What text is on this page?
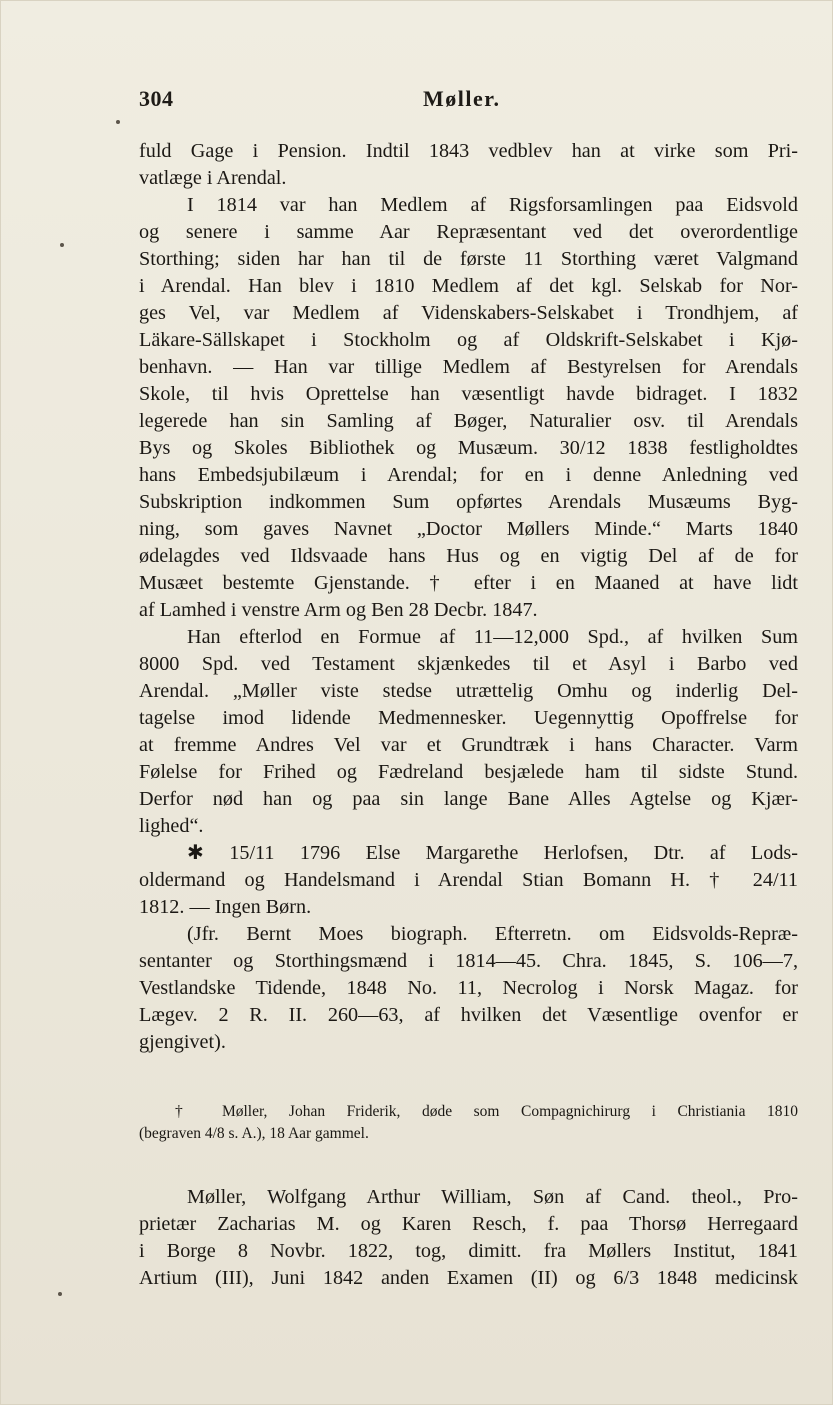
304	Møller.
fuld Gage i Pension. Indtil 1843 vedblev han at virke som Pri-
vatlæge i Arendal.
I 1814 var han Medlem af Rigsforsamlingen paa Eidsvold
og senere i samme Aar Repræsentant ved det overordentlige
Storthing; siden har han til de første 11 Storthing været Valgmand
i Arendal. Han blev i 1810 Medlem af det kgl. Selskab for Nor-
ges Vel, var Medlem af Videnskabers-Selskabet i Trondhjem, af
Läkare-Sällskapet i Stockholm og af Oldskrift-Selskabet i Kjø-
benhavn. — Han var tillige Medlem af Bestyrelsen for Arendals
Skole, til hvis Oprettelse han væsentligt havde bidraget. I 1832
legerede han sin Samling af Bøger, Naturalier osv. til Arendals
Bys og Skoles Bibliothek og Musæum. 30/12 1838 festligholdtes
hans Embedsjubilæum i Arendal; for en i denne Anledning ved
Subskription indkommen Sum opførtes Arendals Musæums Byg-
ning, som gaves Navnet „Doctor Møllers Minde.“ Marts 1840
ødelagdes ved Ildsvaade hans Hus og en vigtig Del af de for
Musæet bestemte Gjenstande. † efter i en Maaned at have lidt
af Lamhed i venstre Arm og Ben 28 Decbr. 1847.
Han efterlod en Formue af 11—12,000 Spd., af hvilken Sum
8000 Spd. ved Testament skjænkedes til et Asyl i Barbo ved
Arendal. „Møller viste stedse utrættelig Omhu og inderlig Del-
tagelse imod lidende Medmennesker. Uegennyttig Opoffrelse for
at fremme Andres Vel var et Grundtræk i hans Character. Varm
Følelse for Frihed og Fædreland besjælede ham til sidste Stund.
Derfor nød han og paa sin lange Bane Alles Agtelse og Kjær-
lighed“.
✱ 15/11 1796 Else Margarethe Herlofsen, Dtr. af Lods-
oldermand og Handelsmand i Arendal Stian Bomann H. † 24/11
1812. — Ingen Børn.
(Jfr. Bernt Moes biograph. Efterretn. om Eidsvolds-Repræ-
sentanter og Storthingsmænd i 1814—45. Chra. 1845, S. 106—7,
Vestlandske Tidende, 1848 No. 11, Necrolog i Norsk Magaz. for
Lægev. 2 R. II. 260—63, af hvilken det Væsentlige ovenfor er
gjengivet).
† Møller, Johan Friderik, døde som Compagnichirurg i Christiania 1810
(begraven 4/8 s. A.), 18 Aar gammel.
Møller, Wolfgang Arthur William, Søn af Cand. theol., Pro-
prietær Zacharias M. og Karen Resch, f. paa Thorsø Herregaard
i Borge 8 Novbr. 1822, tog, dimitt. fra Møllers Institut, 1841
Artium (III), Juni 1842 anden Examen (II) og 6/3 1848 medicinsk
